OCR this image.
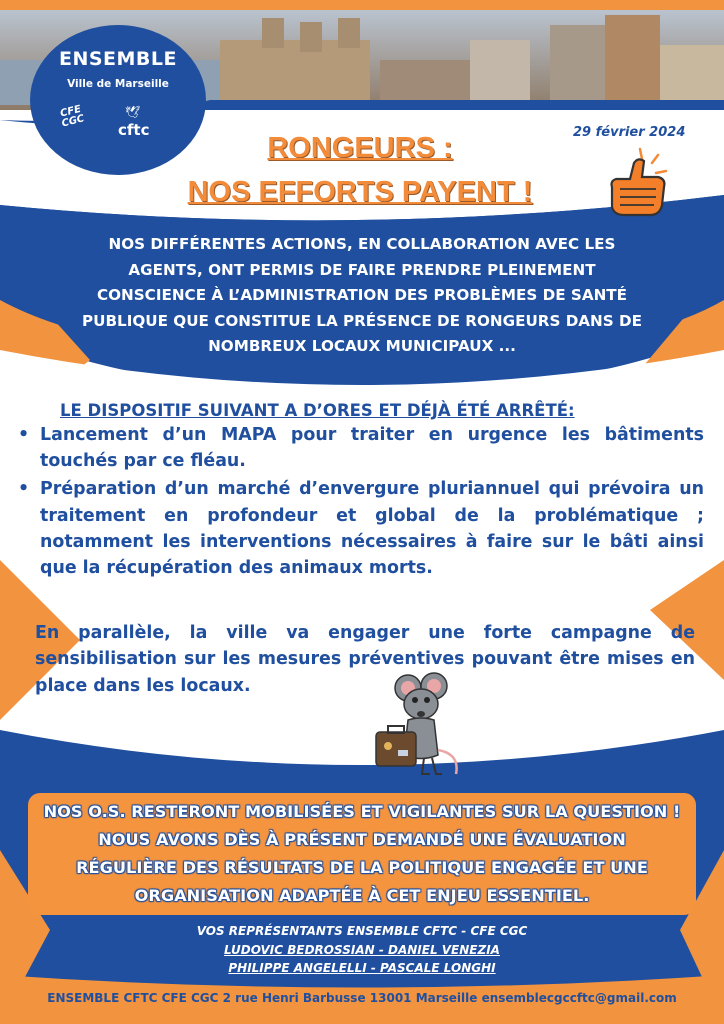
ENSEMBLE
Ville de Marseille
CFE CGC
🕊
cftc	29 février 2024
RONGEURS :
NOS EFFORTS PAYENT !
NOS DIFFÉRENTES ACTIONS, EN COLLABORATION AVEC LES
AGENTS, ONT PERMIS DE FAIRE PRENDRE PLEINEMENT
CONSCIENCE À L’ADMINISTRATION DES PROBLÈMES DE SANTÉ
PUBLIQUE QUE CONSTITUE LA PRÉSENCE DE RONGEURS DANS DE
NOMBREUX LOCAUX MUNICIPAUX ...
LE DISPOSITIF SUIVANT A D’ORES ET DÉJÀ ÉTÉ ARRÊTÉ:
• Lancement d’un MAPA pour traiter en urgence les bâtiments touchés par ce fléau.
• Préparation d’un marché d’envergure pluriannuel qui prévoira un traitement en profondeur et global de la problématique ; notamment les interventions nécessaires à faire sur le bâti ainsi que la récupération des animaux morts.
En parallèle, la ville va engager une forte campagne de sensibilisation sur les mesures préventives pouvant être mises en place dans les locaux.
NOS O.S. RESTERONT MOBILISÉES ET VIGILANTES SUR LA QUESTION !
NOUS AVONS DÈS À PRÉSENT DEMANDÉ UNE ÉVALUATION
RÉGULIÈRE DES RÉSULTATS DE LA POLITIQUE ENGAGÉE ET UNE
ORGANISATION ADAPTÉE À CET ENJEU ESSENTIEL.
VOS REPRÉSENTANTS ENSEMBLE CFTC - CFE CGC
LUDOVIC BEDROSSIAN - DANIEL VENEZIA
PHILIPPE ANGELELLI - PASCALE LONGHI
ENSEMBLE CFTC CFE CGC 2 rue Henri Barbusse 13001 Marseille ensemblecgccftc@gmail.com
